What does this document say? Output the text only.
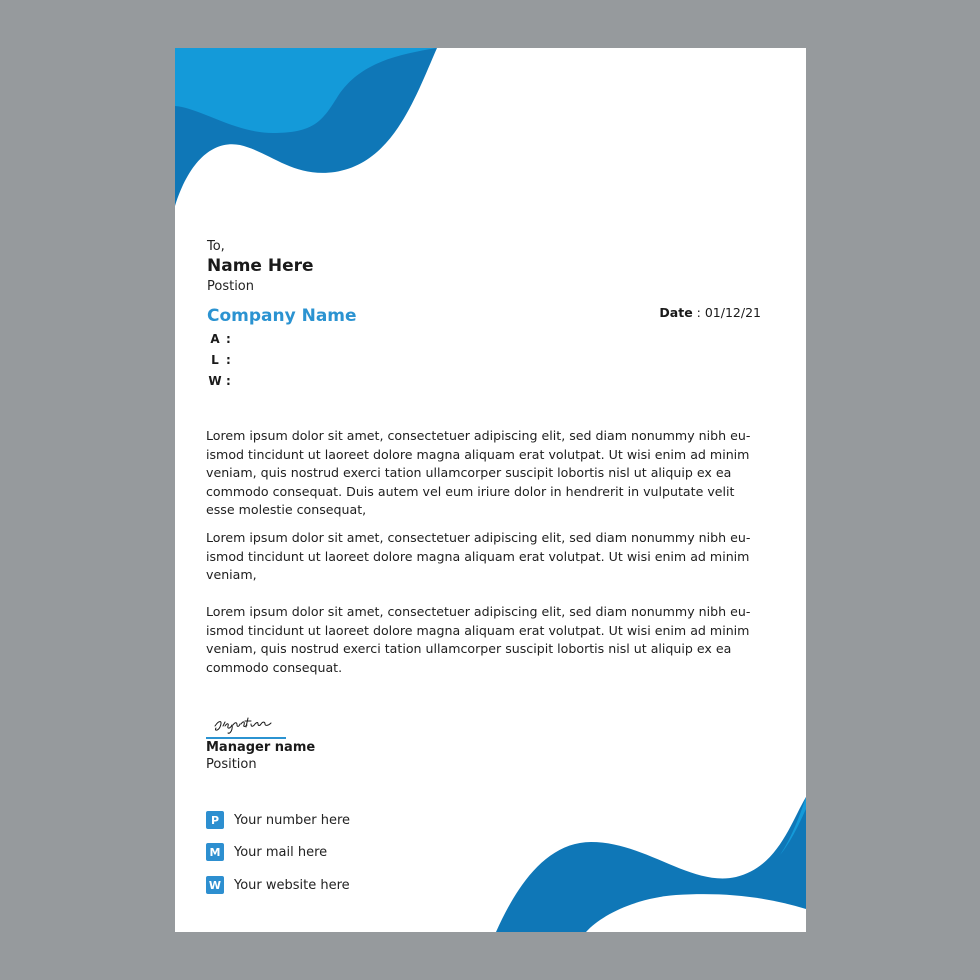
To,
Name Here
Postion
Company Name
A :
L :
W :
Date : 01/12/21
Lorem ipsum dolor sit amet, consectetuer adipiscing elit, sed diam nonummy nibh eu-ismod tincidunt ut laoreet dolore magna aliquam erat volutpat. Ut wisi enim ad minim veniam, quis nostrud exerci tation ullamcorper suscipit lobortis nisl ut aliquip ex ea commodo consequat. Duis autem vel eum iriure dolor in hendrerit in vulputate velit esse molestie consequat,
Lorem ipsum dolor sit amet, consectetuer adipiscing elit, sed diam nonummy nibh eu-ismod tincidunt ut laoreet dolore magna aliquam erat volutpat. Ut wisi enim ad minim veniam,
Lorem ipsum dolor sit amet, consectetuer adipiscing elit, sed diam nonummy nibh eu-ismod tincidunt ut laoreet dolore magna aliquam erat volutpat. Ut wisi enim ad minim veniam, quis nostrud exerci tation ullamcorper suscipit lobortis nisl ut aliquip ex ea commodo consequat.
Manager name
Position
P	Your number here
M Your mail here
W Your website here
